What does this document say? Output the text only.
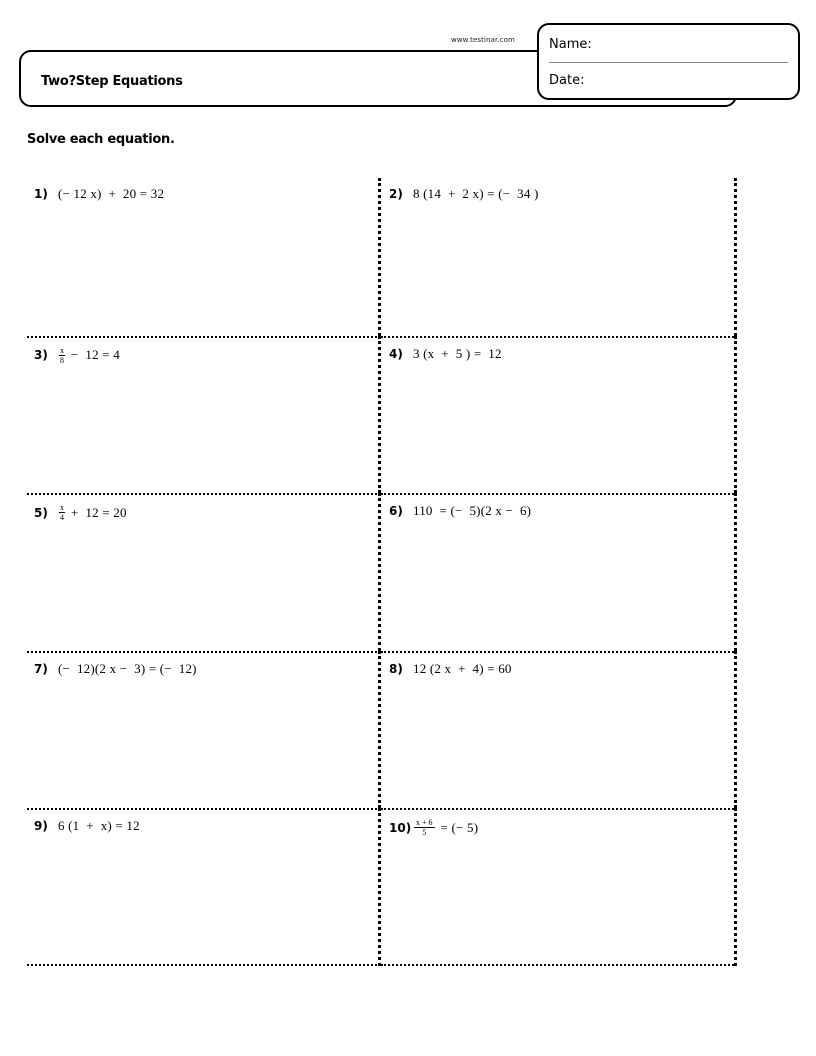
www.testinar.com
Two?Step Equations
Name:
Date:
Solve each equation.
1) (− 12 x)  +  20 = 32	2) 8 (14  +  2 x) = (−  34 )
3)	$\frac{x}{8} - 12 = 4$	4) 3 (x  +  5 ) =  12
5)	$\frac{x}{4} + 12 = 20$	6) 110  = (−  5)(2 x −  6)
7) (−  12)(2 x −  3) = (−  12)	8) 12 (2 x  +  4) = 60
9) 6 (1  +  x) = 12	$10) \frac{x + 6}{5}$ = (− 5)
